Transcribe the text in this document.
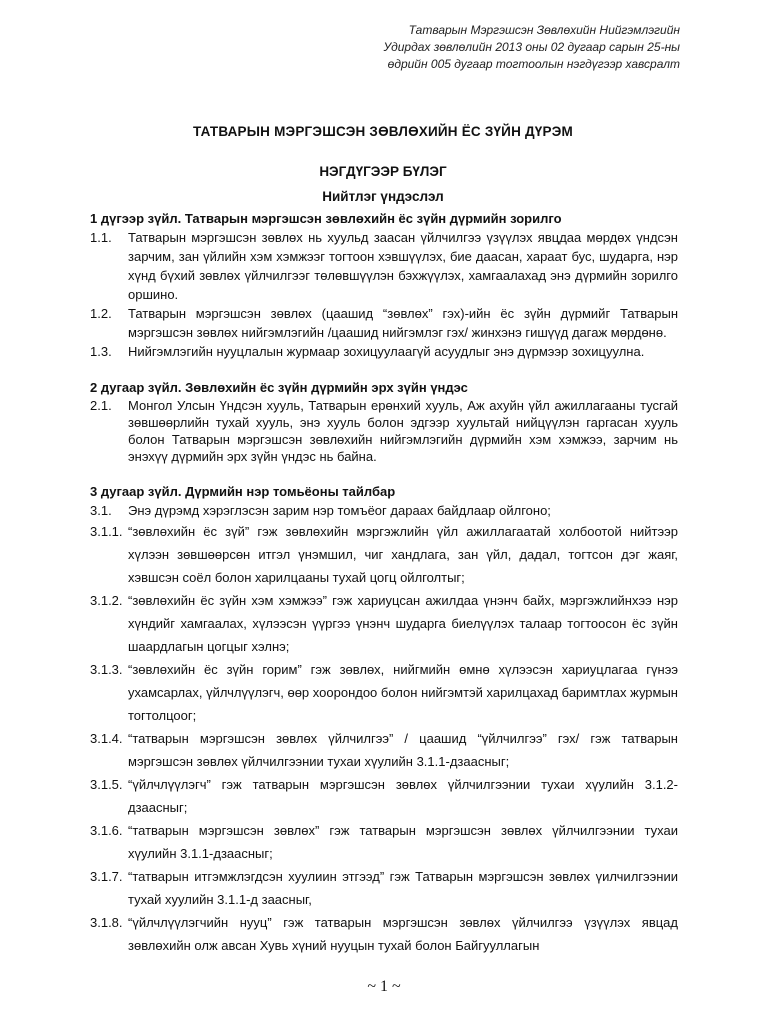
Татварын Мэргэшсэн Зөвлөхийн Нийгэмлэгийн
Удирдах зөвлөлийн 2013 оны 02 дугаар сарын 25-ны
өдрийн 005 дугаар тогтоолын нэгдүгээр хавсралт
ТАТВАРЫН МЭРГЭШСЭН ЗӨВЛӨХИЙН ЁС ЗҮЙН ДҮРЭМ
НЭГДҮГЭЭР БҮЛЭГ
Нийтлэг үндэслэл

1 дүгээр зүйл. Татварын мэргэшсэн зөвлөхийн ёс зүйн дүрмийн зорилго

1.1. Татварын мэргэшсэн зөвлөх нь хуульд заасан үйлчилгээ үзүүлэх явцдаа мөрдөх үндсэн зарчим, зан үйлийн хэм хэмжээг тогтоон хэвшүүлэх, бие даасан, хараат бус, шударга, нэр хүнд бүхий зөвлөх үйлчилгээг төлөвшүүлэн бэхжүүлэх, хамгаалахад энэ дүрмийн зорилго оршино.

1.2. Татварын мэргэшсэн зөвлөх (цаашид “зөвлөх” гэх)-ийн ёс зүйн дүрмийг Татварын мэргэшсэн зөвлөх нийгэмлэгийн /цаашид нийгэмлэг гэх/ жинхэнэ гишүүд дагаж мөрдөнө.

1.3. Нийгэмлэгийн нууцлалын журмаар зохицуулаагүй асуудлыг энэ дүрмээр зохицуулна.

2 дугаар зүйл. Зөвлөхийн ёс зүйн дүрмийн эрх зүйн үндэс

2.1. Монгол Улсын Үндсэн хууль, Татварын ерөнхий хууль, Аж ахуйн үйл ажиллагааны тусгай зөвшөөрлийн тухай хууль, энэ хууль болон эдгээр хуультай нийцүүлэн гаргасан хууль болон Татварын мэргэшсэн зөвлөхийн нийгэмлэгийн дүрмийн хэм хэмжээ, зарчим нь энэхүү дүрмийн эрх зүйн үндэс нь байна.

3 дугаар зүйл. Дүрмийн нэр томьёоны тайлбар

3.1. Энэ дүрэмд хэрэглэсэн зарим нэр томъёог дараах байдлаар ойлгоно;

3.1.1. “зөвлөхийн ёс зүй” гэж зөвлөхийн мэргэжлийн үйл ажиллагаатай холбоотой нийтээр хүлээн зөвшөөрсөн итгэл үнэмшил, чиг хандлага, зан үйл, дадал, тогтсон дэг жаяг, хэвшсэн соёл болон харилцааны тухай цогц ойлголтыг;

3.1.2. “зөвлөхийн ёс зүйн хэм хэмжээ” гэж хариуцсан ажилдаа үнэнч байх, мэргэжлийнхээ нэр хүндийг хамгаалах, хүлээсэн үүргээ үнэнч шударга биелүүлэх талаар тогтоосон ёс зүйн шаардлагын цогцыг хэлнэ;

3.1.3. “зөвлөхийн ёс зүйн горим” гэж зөвлөх, нийгмийн өмнө хүлээсэн хариуцлагаа гүнээ ухамсарлах, үйлчлүүлэгч, өөр хоорондоо болон нийгэмтэй харилцахад баримтлах журмын тогтолцоог;

3.1.4. “татварын мэргэшсэн зөвлөх үйлчилгээ” / цаашид “үйлчилгээ” гэх/ гэж татварын мэргэшсэн зөвлөх үйлчилгээнии тухаи хүулийн 3.1.1-дзаасныг;

3.1.5. “үйлчлүүлэгч” гэж татварын мэргэшсэн зөвлөх үйлчилгээнии тухаи хүулийн 3.1.2-дзаасныг;

3.1.6. “татварын мэргэшсэн зөвлөх” гэж татварын мэргэшсэн зөвлөх үйлчилгээнии тухаи хүулийн 3.1.1-дзаасныг;

3.1.7. “татварын итгэмжлэгдсэн хуулиин этгээд” гэж Татварын мэргэшсэн зөвлөх үилчилгээнии тухай хуулийн 3.1.1-д заасныг,

3.1.8. “үйлчлүүлэгчийн нууц” гэж татварын мэргэшсэн зөвлөх үйлчилгээ үзүүлэх явцад зөвлөхийн олж авсан Хувь хүний нууцын тухай болон Байгууллагын

~ 1 ~
